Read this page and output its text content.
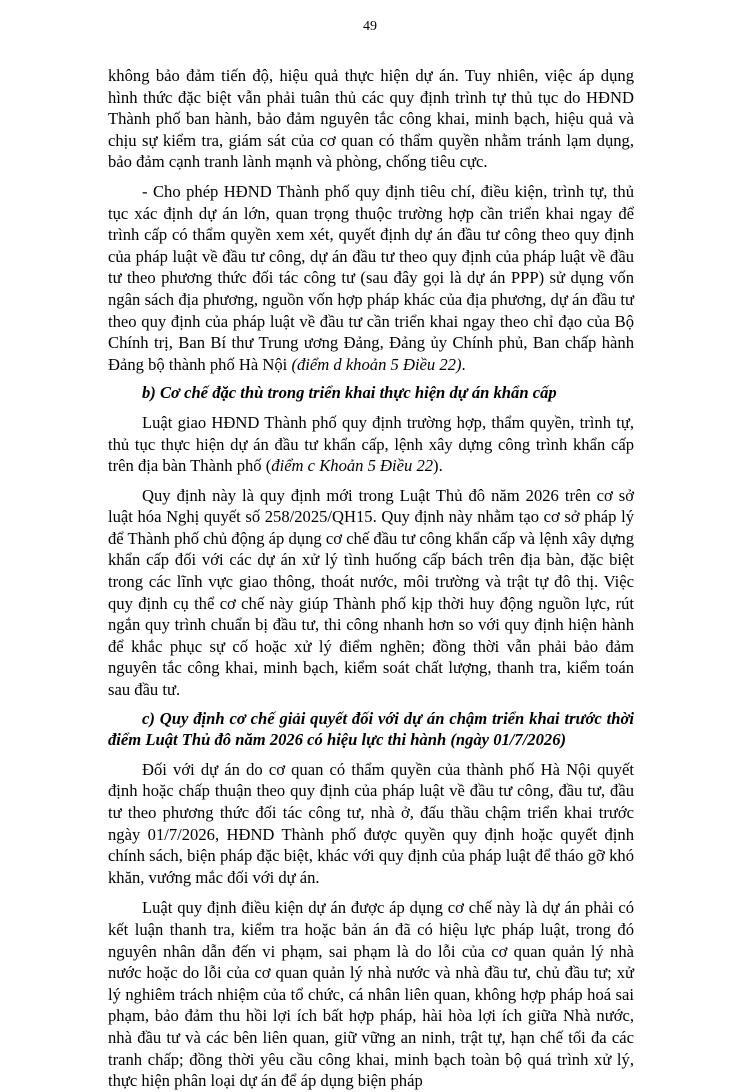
49

không bảo đảm tiến độ, hiệu quả thực hiện dự án. Tuy nhiên, việc áp dụng hình thức đặc biệt vẫn phải tuân thủ các quy định trình tự thủ tục do HĐND Thành phố ban hành, bảo đảm nguyên tắc công khai, minh bạch, hiệu quả và chịu sự kiểm tra, giám sát của cơ quan có thẩm quyền nhằm tránh lạm dụng, bảo đảm cạnh tranh lành mạnh và phòng, chống tiêu cực.

- Cho phép HĐND Thành phố quy định tiêu chí, điều kiện, trình tự, thủ tục xác định dự án lớn, quan trọng thuộc trường hợp cần triển khai ngay để trình cấp có thẩm quyền xem xét, quyết định dự án đầu tư công theo quy định của pháp luật về đầu tư công, dự án đầu tư theo quy định của pháp luật về đầu tư theo phương thức đối tác công tư (sau đây gọi là dự án PPP) sử dụng vốn ngân sách địa phương, nguồn vốn hợp pháp khác của địa phương, dự án đầu tư theo quy định của pháp luật về đầu tư cần triển khai ngay theo chỉ đạo của Bộ Chính trị, Ban Bí thư Trung ương Đảng, Đảng ủy Chính phủ, Ban chấp hành Đảng bộ thành phố Hà Nội (điểm d khoản 5 Điều 22).

b) Cơ chế đặc thù trong triển khai thực hiện dự án khẩn cấp

Luật giao HĐND Thành phố quy định trường hợp, thẩm quyền, trình tự, thủ tục thực hiện dự án đầu tư khẩn cấp, lệnh xây dựng công trình khẩn cấp trên địa bàn Thành phố (điểm c Khoản 5 Điều 22).

Quy định này là quy định mới trong Luật Thủ đô năm 2026 trên cơ sở luật hóa Nghị quyết số 258/2025/QH15. Quy định này nhằm tạo cơ sở pháp lý để Thành phố chủ động áp dụng cơ chế đầu tư công khẩn cấp và lệnh xây dựng khẩn cấp đối với các dự án xử lý tình huống cấp bách trên địa bàn, đặc biệt trong các lĩnh vực giao thông, thoát nước, môi trường và trật tự đô thị. Việc quy định cụ thể cơ chế này giúp Thành phố kịp thời huy động nguồn lực, rút ngắn quy trình chuẩn bị đầu tư, thi công nhanh hơn so với quy định hiện hành để khắc phục sự cố hoặc xử lý điểm nghẽn; đồng thời vẫn phải bảo đảm nguyên tắc công khai, minh bạch, kiểm soát chất lượng, thanh tra, kiểm toán sau đầu tư.

c) Quy định cơ chế giải quyết đối với dự án chậm triển khai trước thời điểm Luật Thủ đô năm 2026 có hiệu lực thi hành (ngày 01/7/2026)

Đối với dự án do cơ quan có thẩm quyền của thành phố Hà Nội quyết định hoặc chấp thuận theo quy định của pháp luật về đầu tư công, đầu tư, đầu tư theo phương thức đối tác công tư, nhà ở, đấu thầu chậm triển khai trước ngày 01/7/2026, HĐND Thành phố được quyền quy định hoặc quyết định chính sách, biện pháp đặc biệt, khác với quy định của pháp luật để tháo gỡ khó khăn, vướng mắc đối với dự án.

Luật quy định điều kiện dự án được áp dụng cơ chế này là dự án phải có kết luận thanh tra, kiểm tra hoặc bản án đã có hiệu lực pháp luật, trong đó nguyên nhân dẫn đến vi phạm, sai phạm là do lỗi của cơ quan quản lý nhà nước hoặc do lỗi của cơ quan quản lý nhà nước và nhà đầu tư, chủ đầu tư; xử lý nghiêm trách nhiệm của tổ chức, cá nhân liên quan, không hợp pháp hoá sai phạm, bảo đảm thu hồi lợi ích bất hợp pháp, hài hòa lợi ích giữa Nhà nước, nhà đầu tư và các bên liên quan, giữ vững an ninh, trật tự, hạn chế tối đa các tranh chấp; đồng thời yêu cầu công khai, minh bạch toàn bộ quá trình xử lý, thực hiện phân loại dự án để áp dụng biện pháp
